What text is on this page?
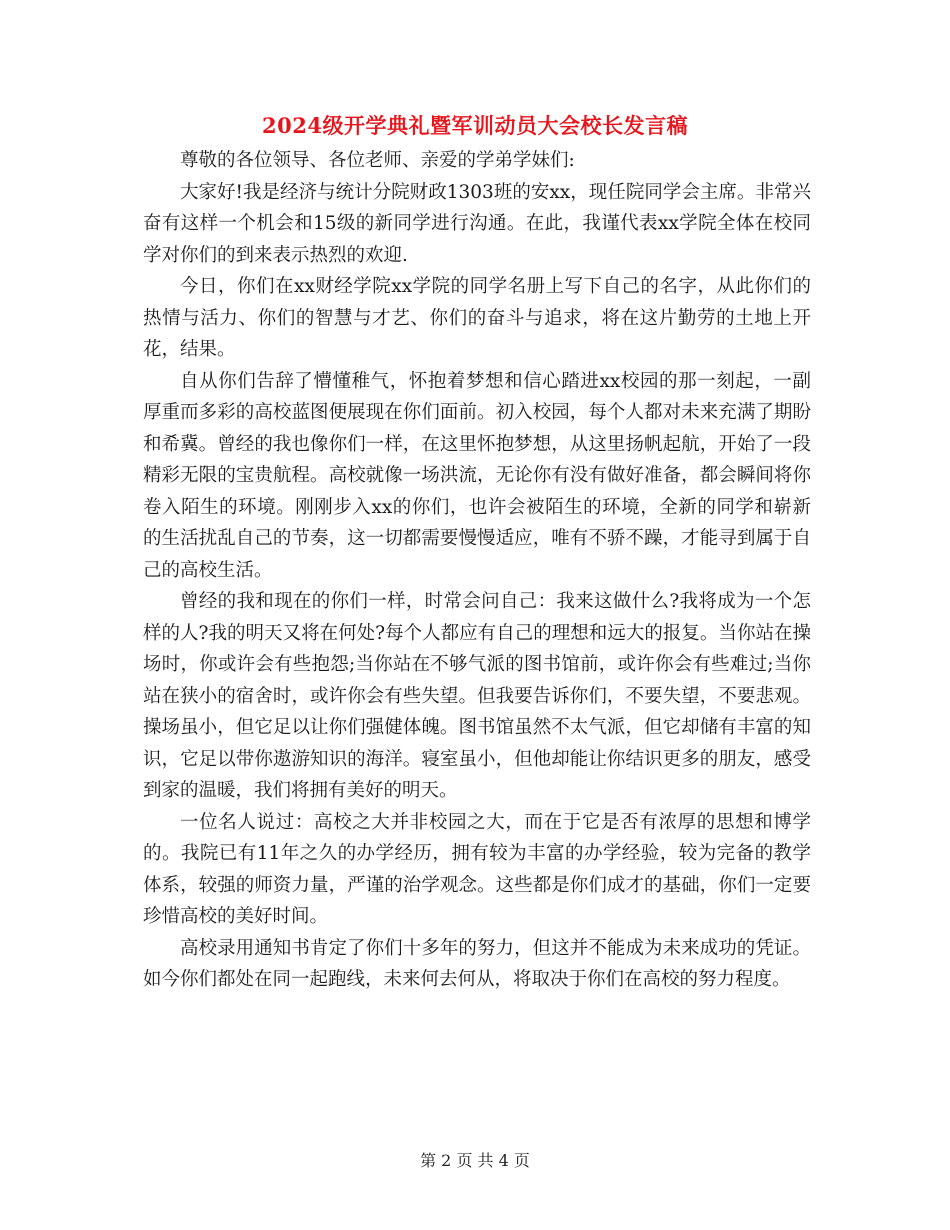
2024级开学典礼暨军训动员大会校长发言稿

尊敬的各位领导、各位老师、亲爱的学弟学妹们:

大家好!我是经济与统计分院财政1303班的安xx，现任院同学会主席。非常兴奋有这样一个机会和15级的新同学进行沟通。在此，我谨代表xx学院全体在校同学对你们的到来表示热烈的欢迎.

今日，你们在xx财经学院xx学院的同学名册上写下自己的名字，从此你们的热情与活力、你们的智慧与才艺、你们的奋斗与追求，将在这片勤劳的土地上开花，结果。

自从你们告辞了懵懂稚气，怀抱着梦想和信心踏进xx校园的那一刻起，一副厚重而多彩的高校蓝图便展现在你们面前。初入校园，每个人都对未来充满了期盼和希冀。曾经的我也像你们一样，在这里怀抱梦想，从这里扬帆起航，开始了一段精彩无限的宝贵航程。高校就像一场洪流，无论你有没有做好准备，都会瞬间将你卷入陌生的环境。刚刚步入xx的你们，也许会被陌生的环境，全新的同学和崭新的生活扰乱自己的节奏，这一切都需要慢慢适应，唯有不骄不躁，才能寻到属于自己的高校生活。

曾经的我和现在的你们一样，时常会问自己：我来这做什么?我将成为一个怎样的人?我的明天又将在何处?每个人都应有自己的理想和远大的报复。当你站在操场时，你或许会有些抱怨;当你站在不够气派的图书馆前，或许你会有些难过;当你站在狭小的宿舍时，或许你会有些失望。但我要告诉你们，不要失望，不要悲观。操场虽小，但它足以让你们强健体魄。图书馆虽然不太气派，但它却储有丰富的知识，它足以带你遨游知识的海洋。寝室虽小，但他却能让你结识更多的朋友，感受到家的温暖，我们将拥有美好的明天。

一位名人说过：高校之大并非校园之大，而在于它是否有浓厚的思想和博学的。我院已有11年之久的办学经历，拥有较为丰富的办学经验，较为完备的教学体系，较强的师资力量，严谨的治学观念。这些都是你们成才的基础，你们一定要珍惜高校的美好时间。

高校录用通知书肯定了你们十多年的努力，但这并不能成为未来成功的凭证。如今你们都处在同一起跑线，未来何去何从，将取决于你们在高校的努力程度。

第 2 页 共 4 页
